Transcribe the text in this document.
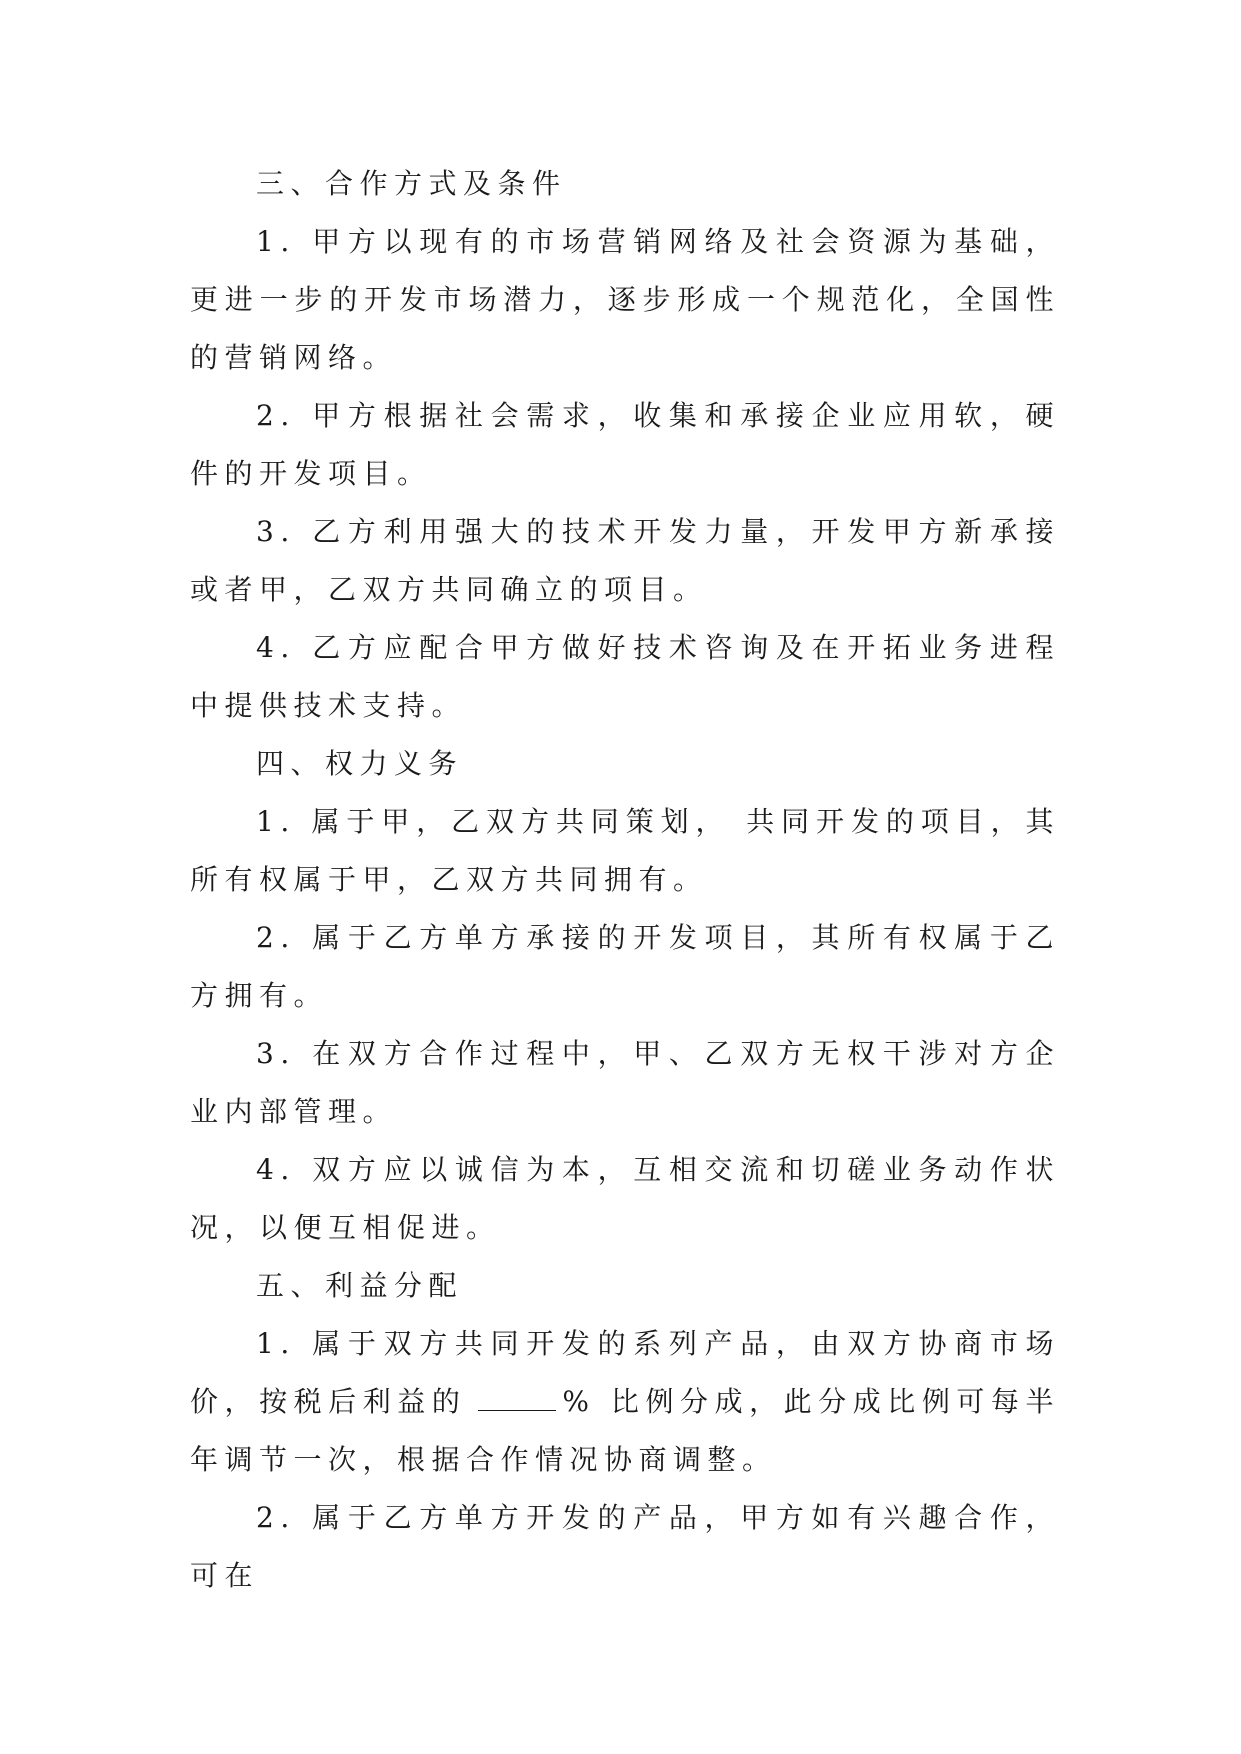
三、合作方式及条件

1. 甲方以现有的市场营销网络及社会资源为基础，更进一步的开发市场潜力，逐步形成一个规范化，全国性的营销网络。

2. 甲方根据社会需求，收集和承接企业应用软，硬件的开发项目。

3. 乙方利用强大的技术开发力量，开发甲方新承接或者甲，乙双方共同确立的项目。

4. 乙方应配合甲方做好技术咨询及在开拓业务进程中提供技术支持。

四、权力义务

1. 属于甲，乙双方共同策划， 共同开发的项目，其所有权属于甲，乙双方共同拥有。

2. 属于乙方单方承接的开发项目，其所有权属于乙方拥有。

3. 在双方合作过程中，甲、乙双方无权干涉对方企业内部管理。

4. 双方应以诚信为本，互相交流和切磋业务动作状况，以便互相促进。

五、利益分配

1. 属于双方共同开发的系列产品，由双方协商市场价，按税后利益的	% 比例分成，此分成比例可每半年调节一次，根据合作情况协商调整。

2. 属于乙方单方开发的产品，甲方如有兴趣合作，可在
